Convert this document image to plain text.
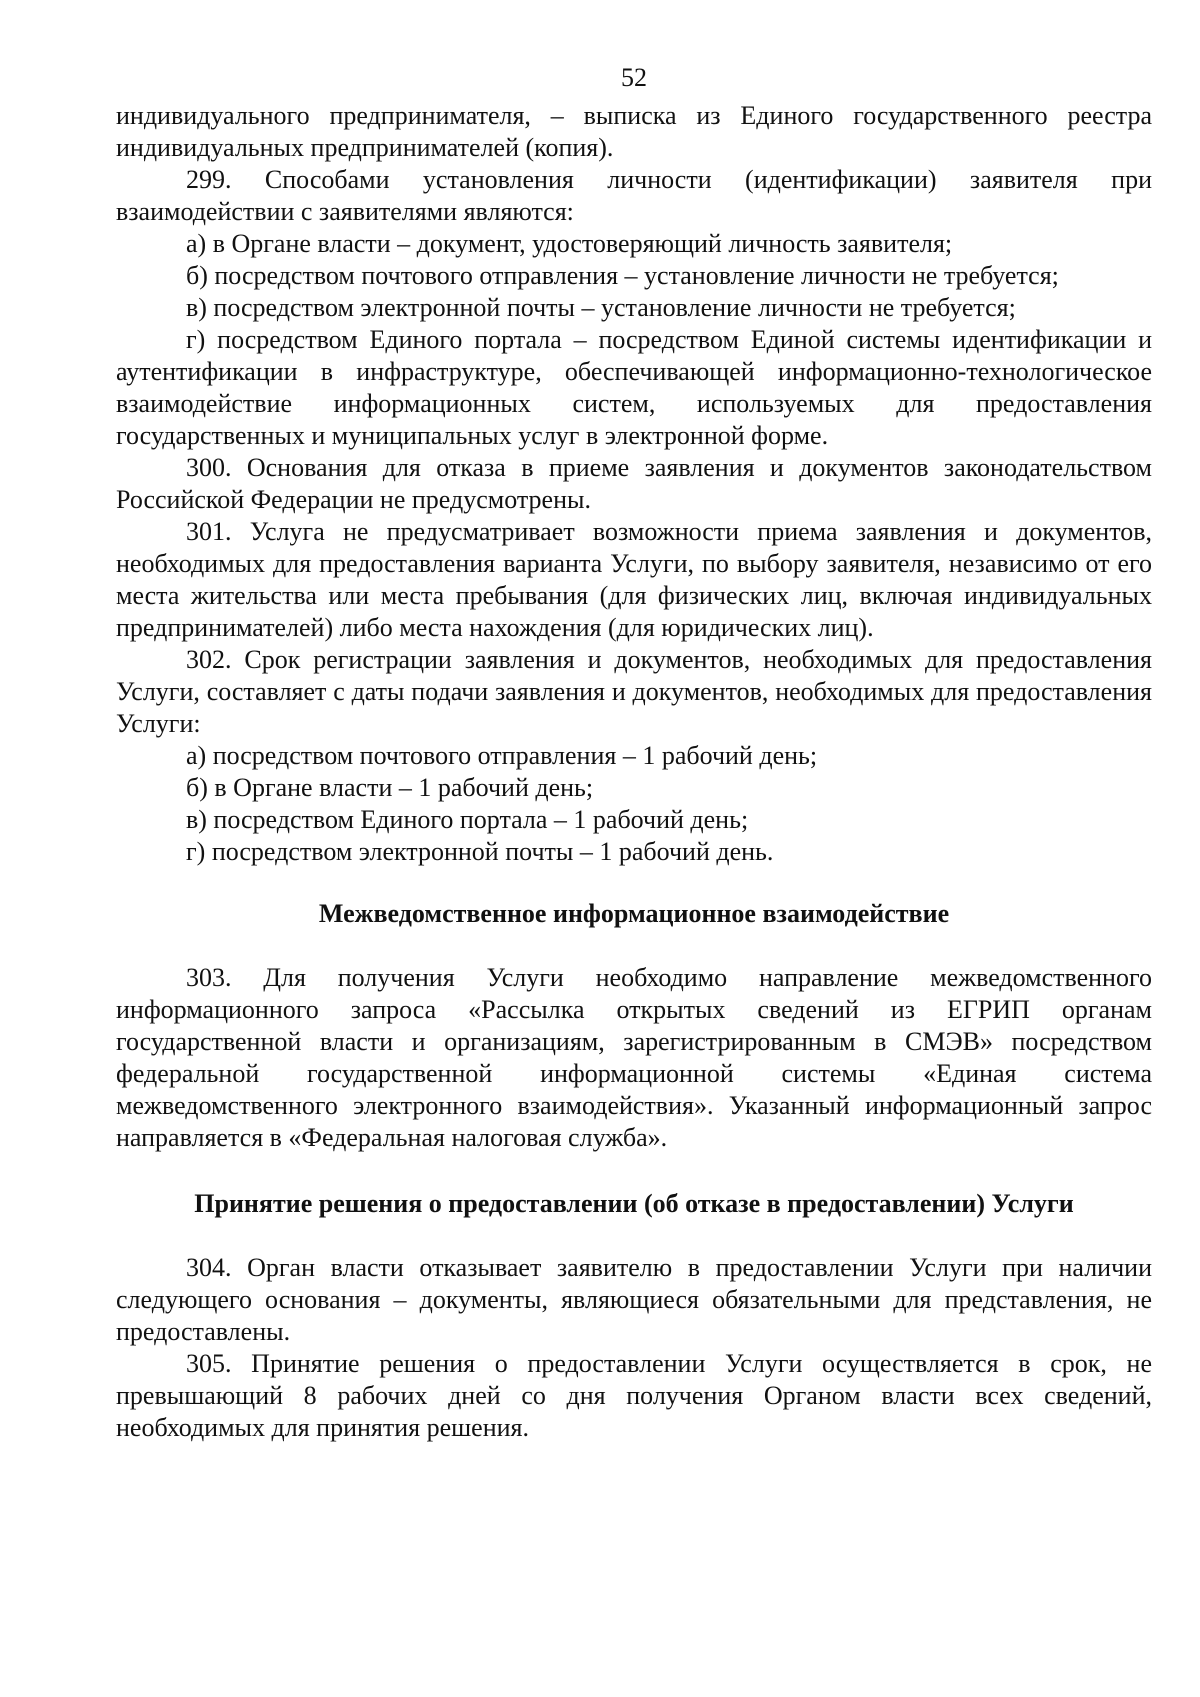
52

индивидуального предпринимателя, – выписка из Единого государственного реестра индивидуальных предпринимателей (копия).

299. Способами установления личности (идентификации) заявителя при взаимодействии с заявителями являются:

а) в Органе власти – документ, удостоверяющий личность заявителя;

б) посредством почтового отправления – установление личности не требуется;

в) посредством электронной почты – установление личности не требуется;

г) посредством Единого портала – посредством Единой системы идентификации и аутентификации в инфраструктуре, обеспечивающей информационно-технологическое взаимодействие информационных систем, используемых для предоставления государственных и муниципальных услуг в электронной форме.

300. Основания для отказа в приеме заявления и документов законодательством Российской Федерации не предусмотрены.

301. Услуга не предусматривает возможности приема заявления и документов, необходимых для предоставления варианта Услуги, по выбору заявителя, независимо от его места жительства или места пребывания (для физических лиц, включая индивидуальных предпринимателей) либо места нахождения (для юридических лиц).

302. Срок регистрации заявления и документов, необходимых для предоставления Услуги, составляет с даты подачи заявления и документов, необходимых для предоставления Услуги:

а) посредством почтового отправления – 1 рабочий день;

б) в Органе власти – 1 рабочий день;

в) посредством Единого портала – 1 рабочий день;

г) посредством электронной почты – 1 рабочий день.

Межведомственное информационное взаимодействие

303. Для получения Услуги необходимо направление межведомственного информационного запроса «Рассылка открытых сведений из ЕГРИП органам государственной власти и организациям, зарегистрированным в СМЭВ» посредством федеральной государственной информационной системы «Единая система межведомственного электронного взаимодействия». Указанный информационный запрос направляется в «Федеральная налоговая служба».

Принятие решения о предоставлении (об отказе в предоставлении) Услуги

304. Орган власти отказывает заявителю в предоставлении Услуги при наличии следующего основания – документы, являющиеся обязательными для представления, не предоставлены.

305. Принятие решения о предоставлении Услуги осуществляется в срок, не превышающий 8 рабочих дней со дня получения Органом власти всех сведений, необходимых для принятия решения.
